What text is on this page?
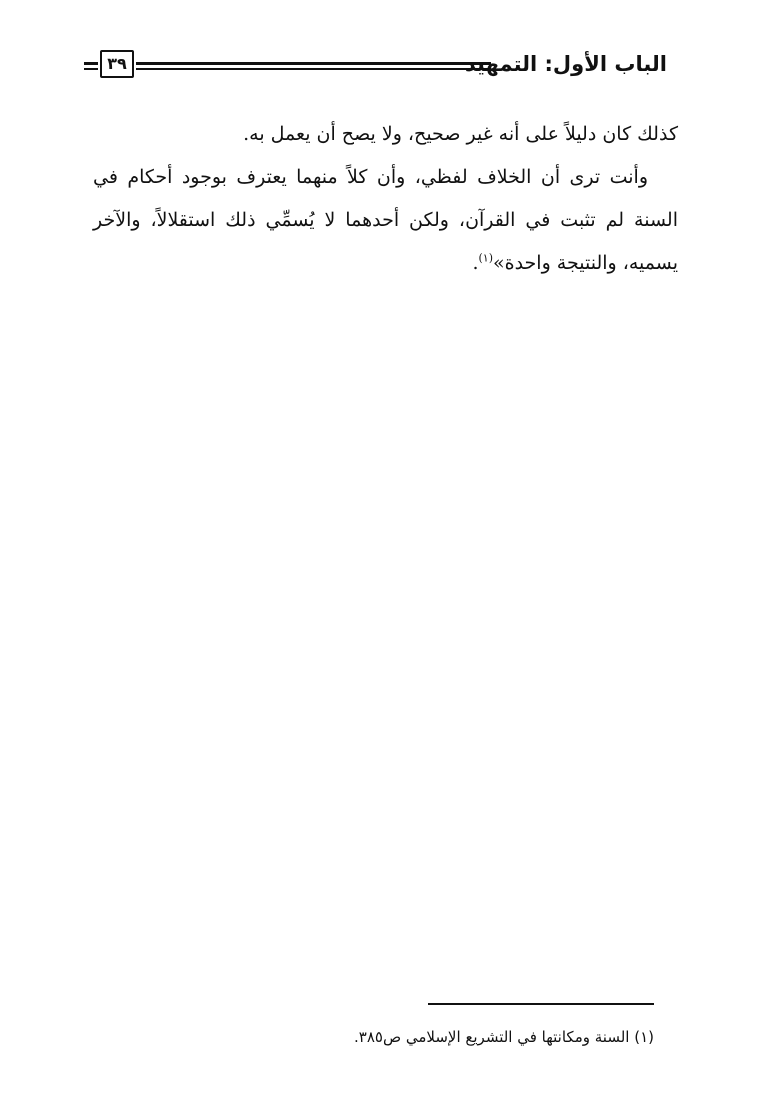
٣٩	الباب الأول: التمهيد

كذلك كان دليلاً على أنه غير صحيح، ولا يصح أن يعمل به.

وأنت ترى أن الخلاف لفظي، وأن كلاً منهما يعترف بوجود أحكام في السنة لم تثبت في القرآن، ولكن أحدهما لا يُسمِّي ذلك استقلالاً، والآخر يسميه، والنتيجة واحدة»$^{(١)}$.

(١) السنة ومكانتها في التشريع الإسلامي ص٣٨٥.
